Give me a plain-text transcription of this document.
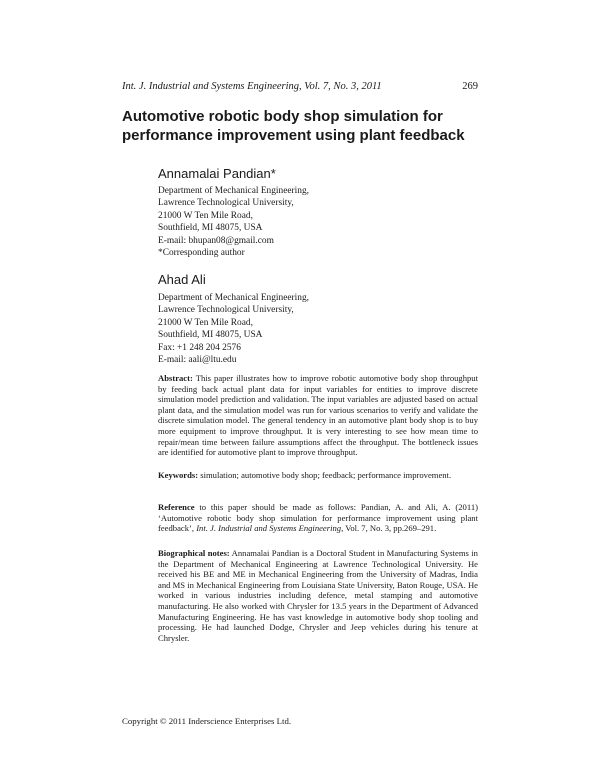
Int. J. Industrial and Systems Engineering, Vol. 7, No. 3, 2011	269
Automotive robotic body shop simulation for
performance improvement using plant feedback
Annamalai Pandian*
Department of Mechanical Engineering,
Lawrence Technological University,
21000 W Ten Mile Road,
Southfield, MI 48075, USA
E-mail: bhupan08@gmail.com
*Corresponding author
Ahad Ali
Department of Mechanical Engineering,
Lawrence Technological University,
21000 W Ten Mile Road,
Southfield, MI 48075, USA
Fax: +1 248 204 2576
E-mail: aali@ltu.edu

Abstract: This paper illustrates how to improve robotic automotive body shop throughput by feeding back actual plant data for input variables for entities to improve discrete simulation model prediction and validation. The input variables are adjusted based on actual plant data, and the simulation model was run for various scenarios to verify and validate the discrete simulation model. The general tendency in an automotive plant body shop is to buy more equipment to improve throughput. It is very interesting to see how mean time to repair/mean time between failure assumptions affect the throughput. The bottleneck issues are identified for automotive plant to improve throughput.

Keywords: simulation; automotive body shop; feedback; performance improvement.

Reference to this paper should be made as follows: Pandian, A. and Ali, A. (2011) ‘Automotive robotic body shop simulation for performance improvement using plant feedback’, Int. J. Industrial and Systems Engineering, Vol. 7, No. 3, pp.269–291.

Biographical notes: Annamalai Pandian is a Doctoral Student in Manufacturing Systems in the Department of Mechanical Engineering at Lawrence Technological University. He received his BE and ME in Mechanical Engineering from the University of Madras, India and MS in Mechanical Engineering from Louisiana State University, Baton Rouge, USA. He worked in various industries including defence, metal stamping and automotive manufacturing. He also worked with Chrysler for 13.5 years in the Department of Advanced Manufacturing Engineering. He has vast knowledge in automotive body shop tooling and processing. He had launched Dodge, Chrysler and Jeep vehicles during his tenure at Chrysler.

Copyright © 2011 Inderscience Enterprises Ltd.
